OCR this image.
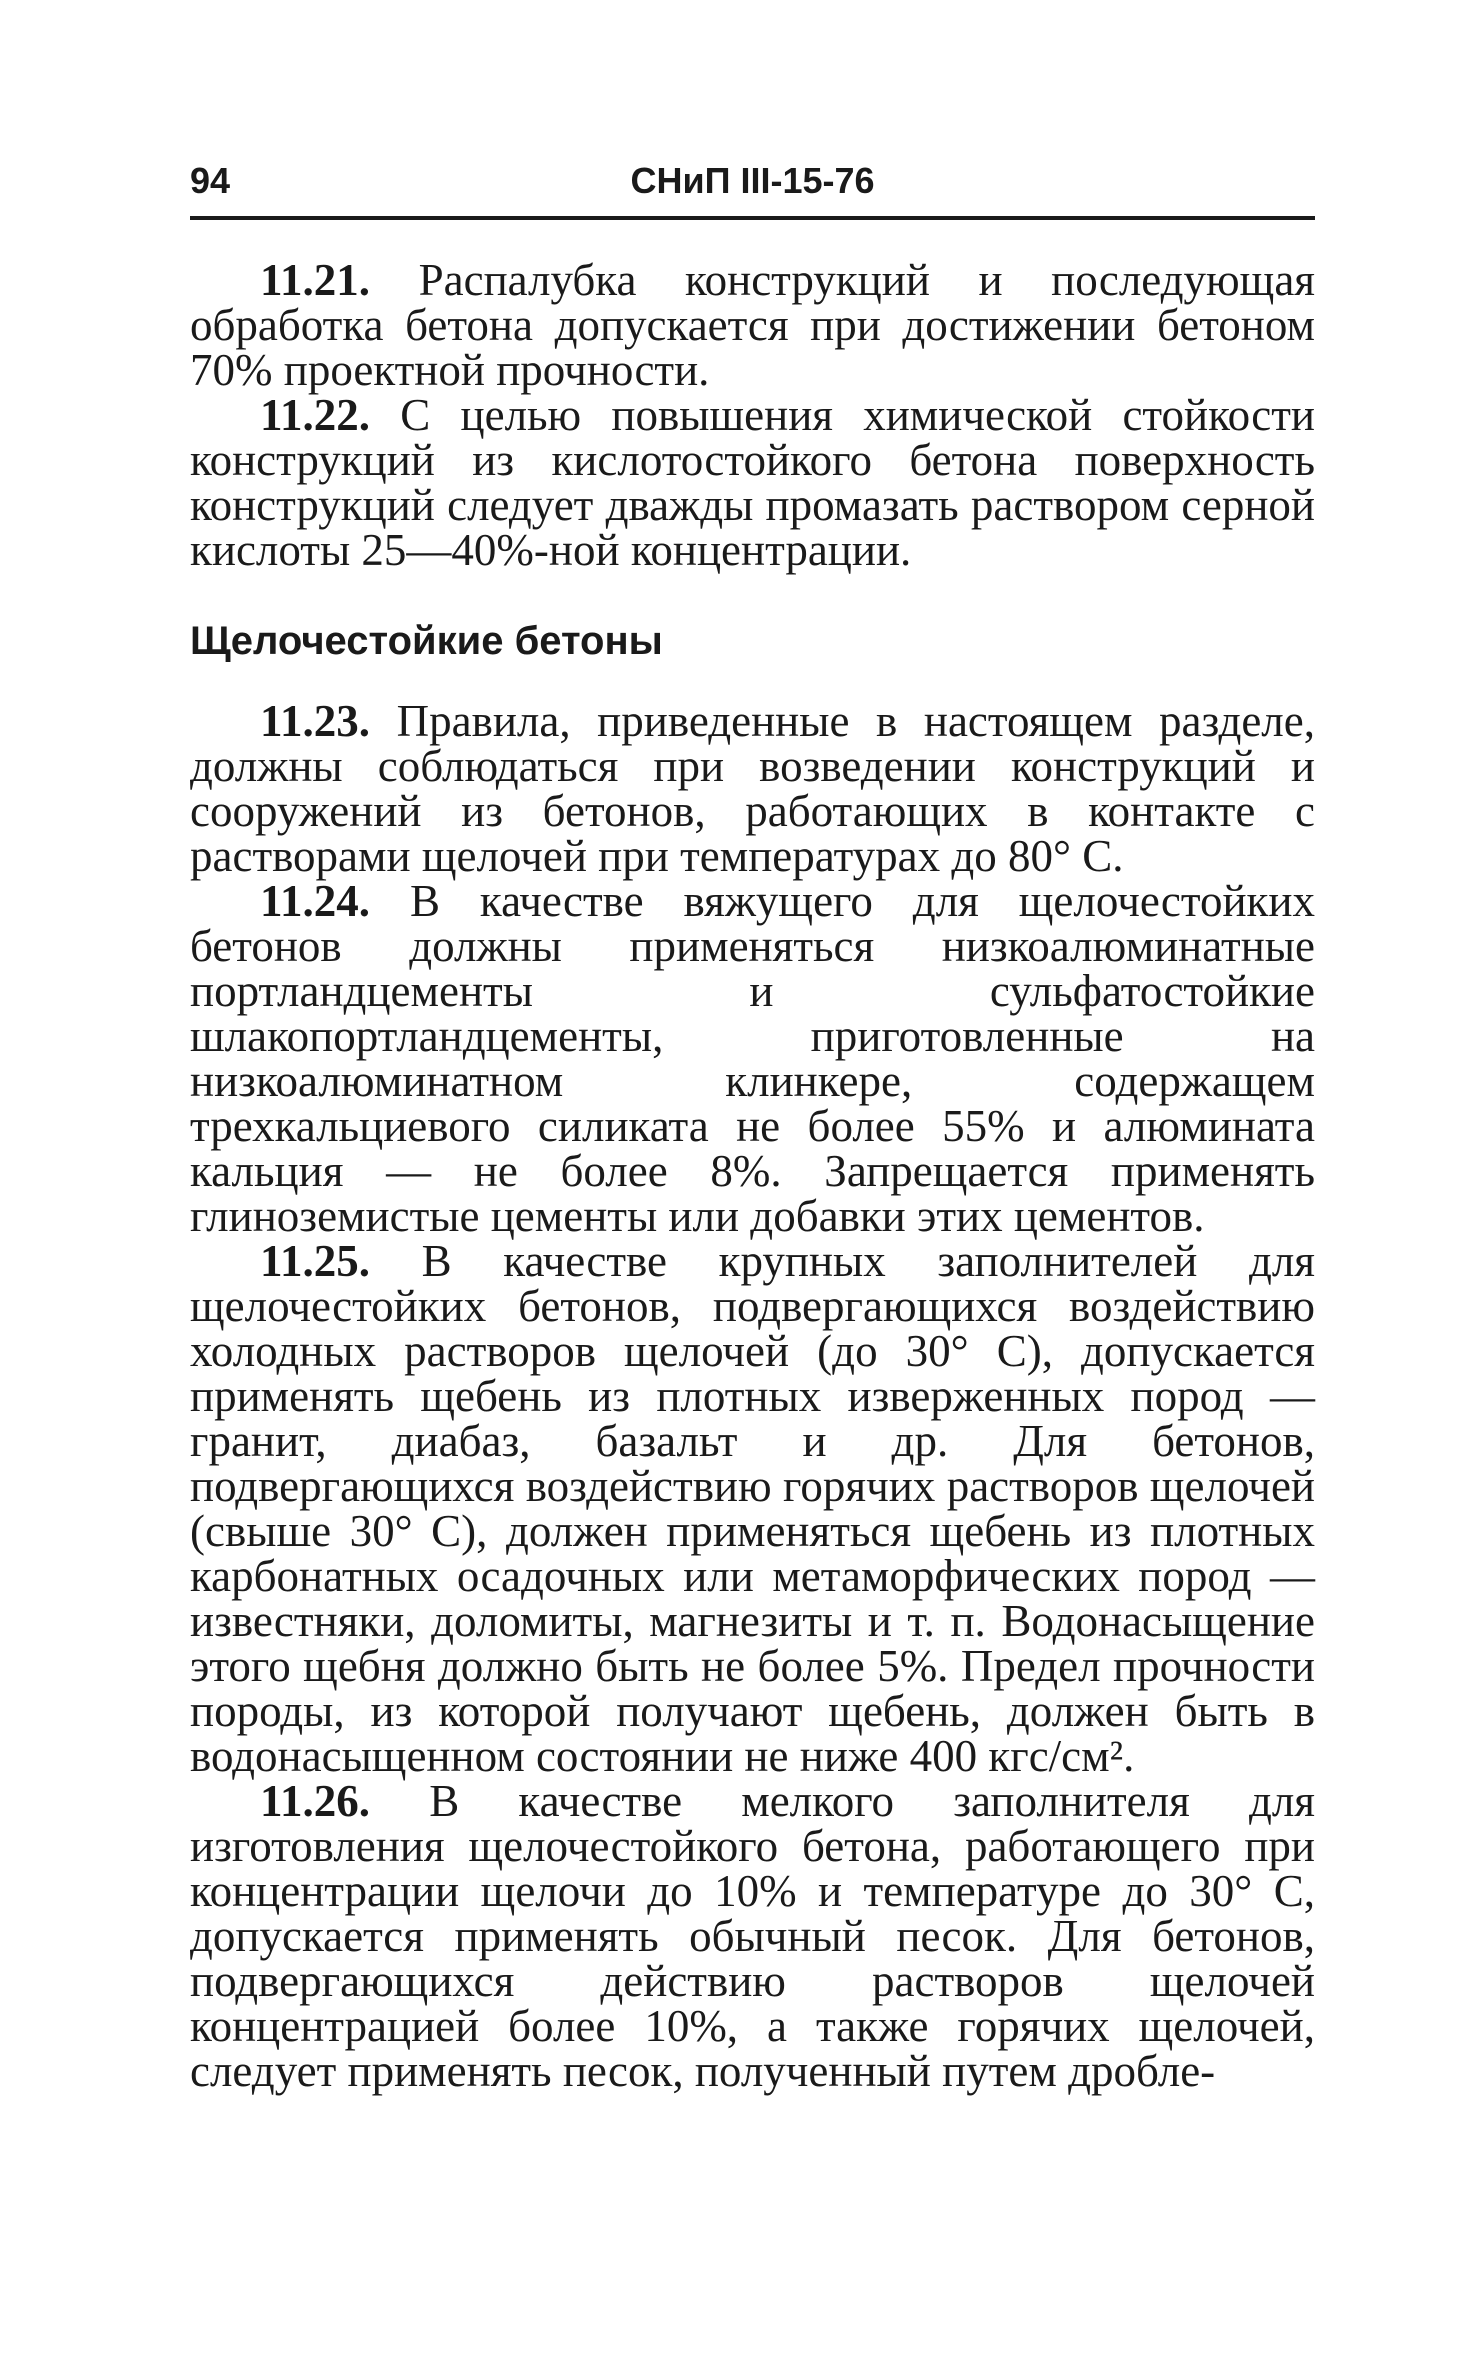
94	СНиП III-15-76

11.21. Распалубка конструкций и последующая обработка бетона допускается при достижении бетоном 70% проектной прочности.

11.22. С целью повышения химической стойкости конструкций из кислотостойкого бетона поверхность конструкций следует дважды промазать раствором серной кислоты 25—40%-ной концентрации.

Щелочестойкие бетоны

11.23. Правила, приведенные в настоящем разделе, должны соблюдаться при возведении конструкций и сооружений из бетонов, работающих в контакте с растворами щелочей при температурах до 80° С.

11.24. В качестве вяжущего для щелочестойких бетонов должны применяться низкоалюминатные портландцементы и сульфатостойкие шлакопортландцементы, приготовленные на низкоалюминатном клинкере, содержащем трехкальциевого силиката не более 55% и алюмината кальция — не более 8%. Запрещается применять глиноземистые цементы или добавки этих цементов.

11.25. В качестве крупных заполнителей для щелочестойких бетонов, подвергающихся воздействию холодных растворов щелочей (до 30° С), допускается применять щебень из плотных изверженных пород — гранит, диабаз, базальт и др. Для бетонов, подвергающихся воздействию горячих растворов щелочей (свыше 30° С), должен применяться щебень из плотных карбонатных осадочных или метаморфических пород — известняки, доломиты, магнезиты и т. п. Водонасыщение этого щебня должно быть не более 5%. Предел прочности породы, из которой получают щебень, должен быть в водонасыщенном состоянии не ниже 400 кгс/см².

11.26. В качестве мелкого заполнителя для изготовления щелочестойкого бетона, работающего при концентрации щелочи до 10% и температуре до 30° С, допускается применять обычный песок. Для бетонов, подвергающихся действию растворов щелочей концентрацией более 10%, а также горячих щелочей, следует применять песок, полученный путем дробле-
